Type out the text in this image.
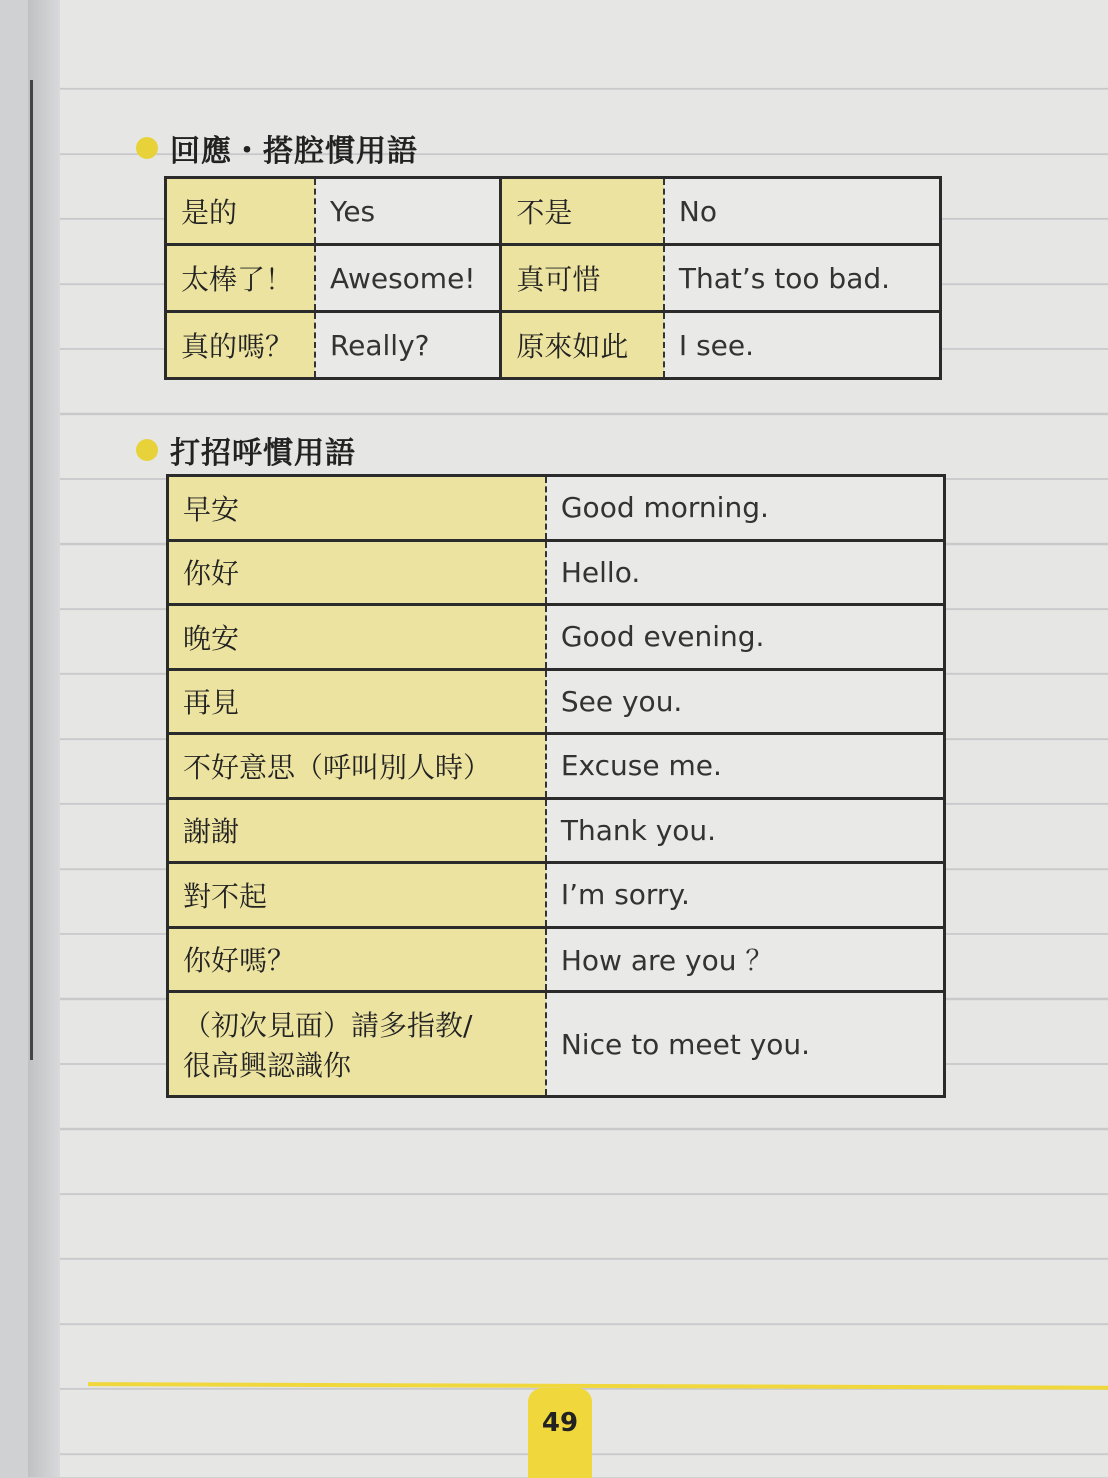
回應・搭腔慣用語
是的	Yes	不是	No
太棒了！	Awesome!	真可惜	That’s too bad.
真的嗎？	Really?	原來如此	I see.
打招呼慣用語
早安	Good morning.
你好	Hello.
晚安	Good evening.
再見	See you.
不好意思（呼叫別人時）	Excuse me.
謝謝	Thank you.
對不起	I’m sorry.
你好嗎？	How are you ？

（初次見面）請多指教/
很高興認識你	Nice to meet you.
49
